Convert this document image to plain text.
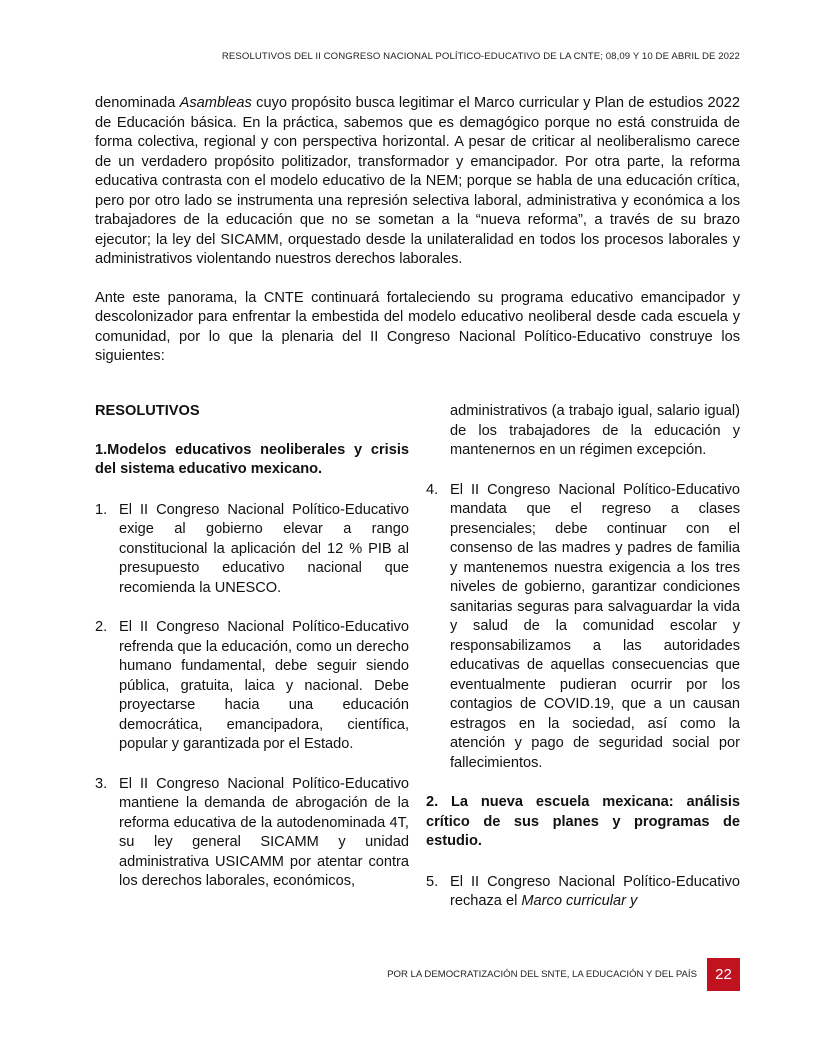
RESOLUTIVOS DEL II CONGRESO NACIONAL POLÍTICO-EDUCATIVO DE LA CNTE; 08,09 Y 10 DE ABRIL DE 2022

denominada Asambleas cuyo propósito busca legitimar el Marco curricular y Plan de estudios 2022 de Educación básica. En la práctica, sabemos que es demagógico porque no está construida de forma colectiva, regional y con perspectiva horizontal. A pesar de criticar al neoliberalismo carece de un verdadero propósito politizador, transformador y emancipador. Por otra parte, la reforma educativa contrasta con el modelo educativo de la NEM; porque se habla de una educación crítica, pero por otro lado se instrumenta una represión selectiva laboral, administrativa y económica a los trabajadores de la educación que no se sometan a la “nueva reforma”, a través de su brazo ejecutor; la ley del SICAMM, orquestado desde la unilateralidad en todos los procesos laborales y administrativos violentando nuestros derechos laborales.

Ante este panorama, la CNTE continuará fortaleciendo su programa educativo emancipador y descolonizador para enfrentar la embestida del modelo educativo neoliberal desde cada escuela y comunidad, por lo que la plenaria del II Congreso Nacional Político-Educativo construye los siguientes:

RESOLUTIVOS
1.Modelos educativos neoliberales y crisis del sistema educativo mexicano.
1. El II Congreso Nacional Político-Educativo exige al gobierno elevar a rango constitucional la aplicación del 12 % PIB al presupuesto educativo nacional que recomienda la UNESCO.
2. El II Congreso Nacional Político-Educativo refrenda que la educación, como un derecho humano fundamental, debe seguir siendo pública, gratuita, laica y nacional. Debe proyectarse hacia una educación democrática, emancipadora, científica, popular y garantizada por el Estado.
3. El II Congreso Nacional Político-Educativo mantiene la demanda de abrogación de la reforma educativa de la autodenominada 4T, su ley general SICAMM y unidad administrativa USICAMM por atentar contra los derechos laborales, económicos,
administrativos (a trabajo igual, salario igual) de los trabajadores de la educación y mantenernos en un régimen excepción.
4. El II Congreso Nacional Político-Educativo mandata que el regreso a clases presenciales; debe continuar con el consenso de las madres y padres de familia y mantenemos nuestra exigencia a los tres niveles de gobierno, garantizar condiciones sanitarias seguras para salvaguardar la vida y salud de la comunidad escolar y responsabilizamos a las autoridades educativas de aquellas consecuencias que eventualmente pudieran ocurrir por los contagios de COVID.19, que a un causan estragos en la sociedad, así como la atención y pago de seguridad social por fallecimientos.
2. La nueva escuela mexicana: análisis crítico de sus planes y programas de estudio.
5. El II Congreso Nacional Político-Educativo rechaza el Marco curricular y
POR LA DEMOCRATIZACIÓN DEL SNTE, LA EDUCACIÓN Y DEL PAÍS	22
